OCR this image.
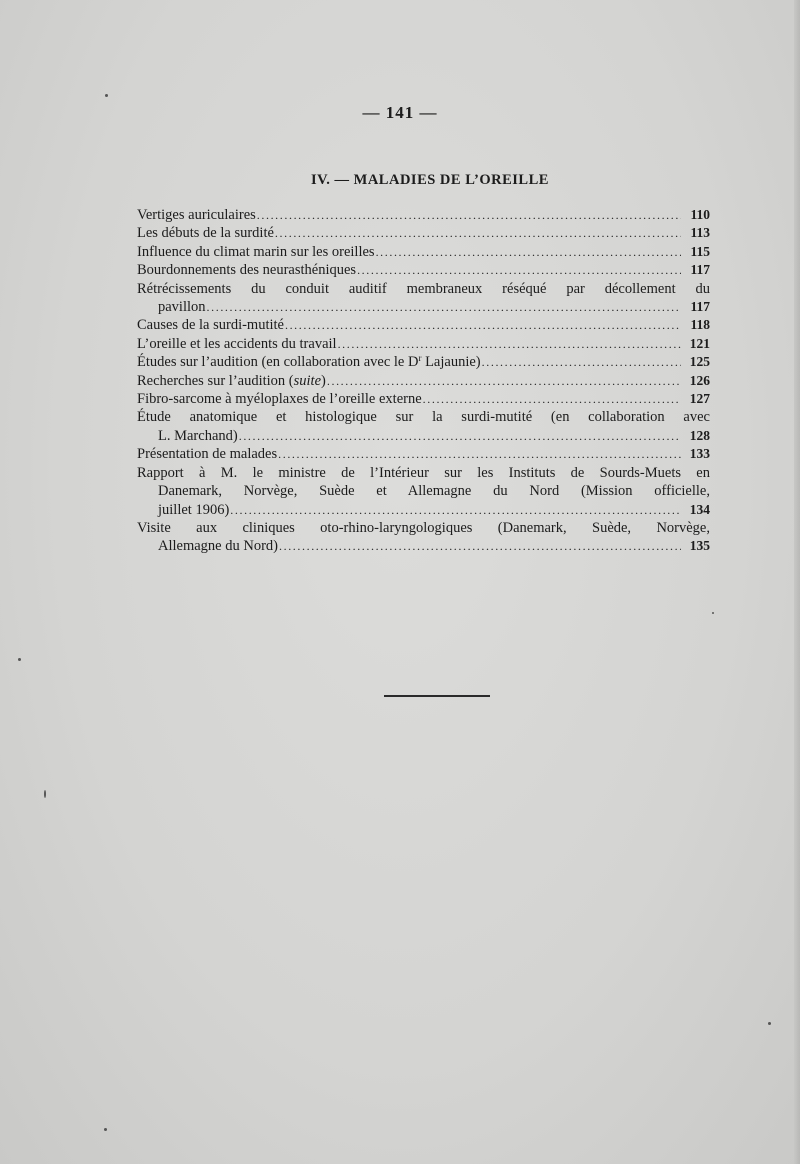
— 141 —
IV. — MALADIES DE L’OREILLE
Vertiges auriculaires .....	110
Les débuts de la surdité .....	113
Influence du climat marin sur les oreilles .....	115
Bourdonnements des neurasthéniques .....	117
Rétrécissements du conduit auditif membraneux réséqué par décollement du
pavillon .....	117
Causes de la surdi-mutité .....	118
L’oreille et les accidents du travail .....	121
Études sur l’audition (en collaboration avec le $D^r$ Lajaunie) .....	125
Recherches sur l’audition (suite) .....	126
Fibro-sarcome à myéloplaxes de l’oreille externe .....	127
Étude anatomique et histologique sur la surdi-mutité (en collaboration avec
L. Marchand) .....	128
Présentation de malades .....	133
Rapport à M. le ministre de l’Intérieur sur les Instituts de Sourds-Muets en
Danemark, Norvège, Suède et Allemagne du Nord (Mission officielle,
juillet 1906) .....	134
Visite aux cliniques oto-rhino-laryngologiques (Danemark, Suède, Norvège,
Allemagne du Nord) .....	135
